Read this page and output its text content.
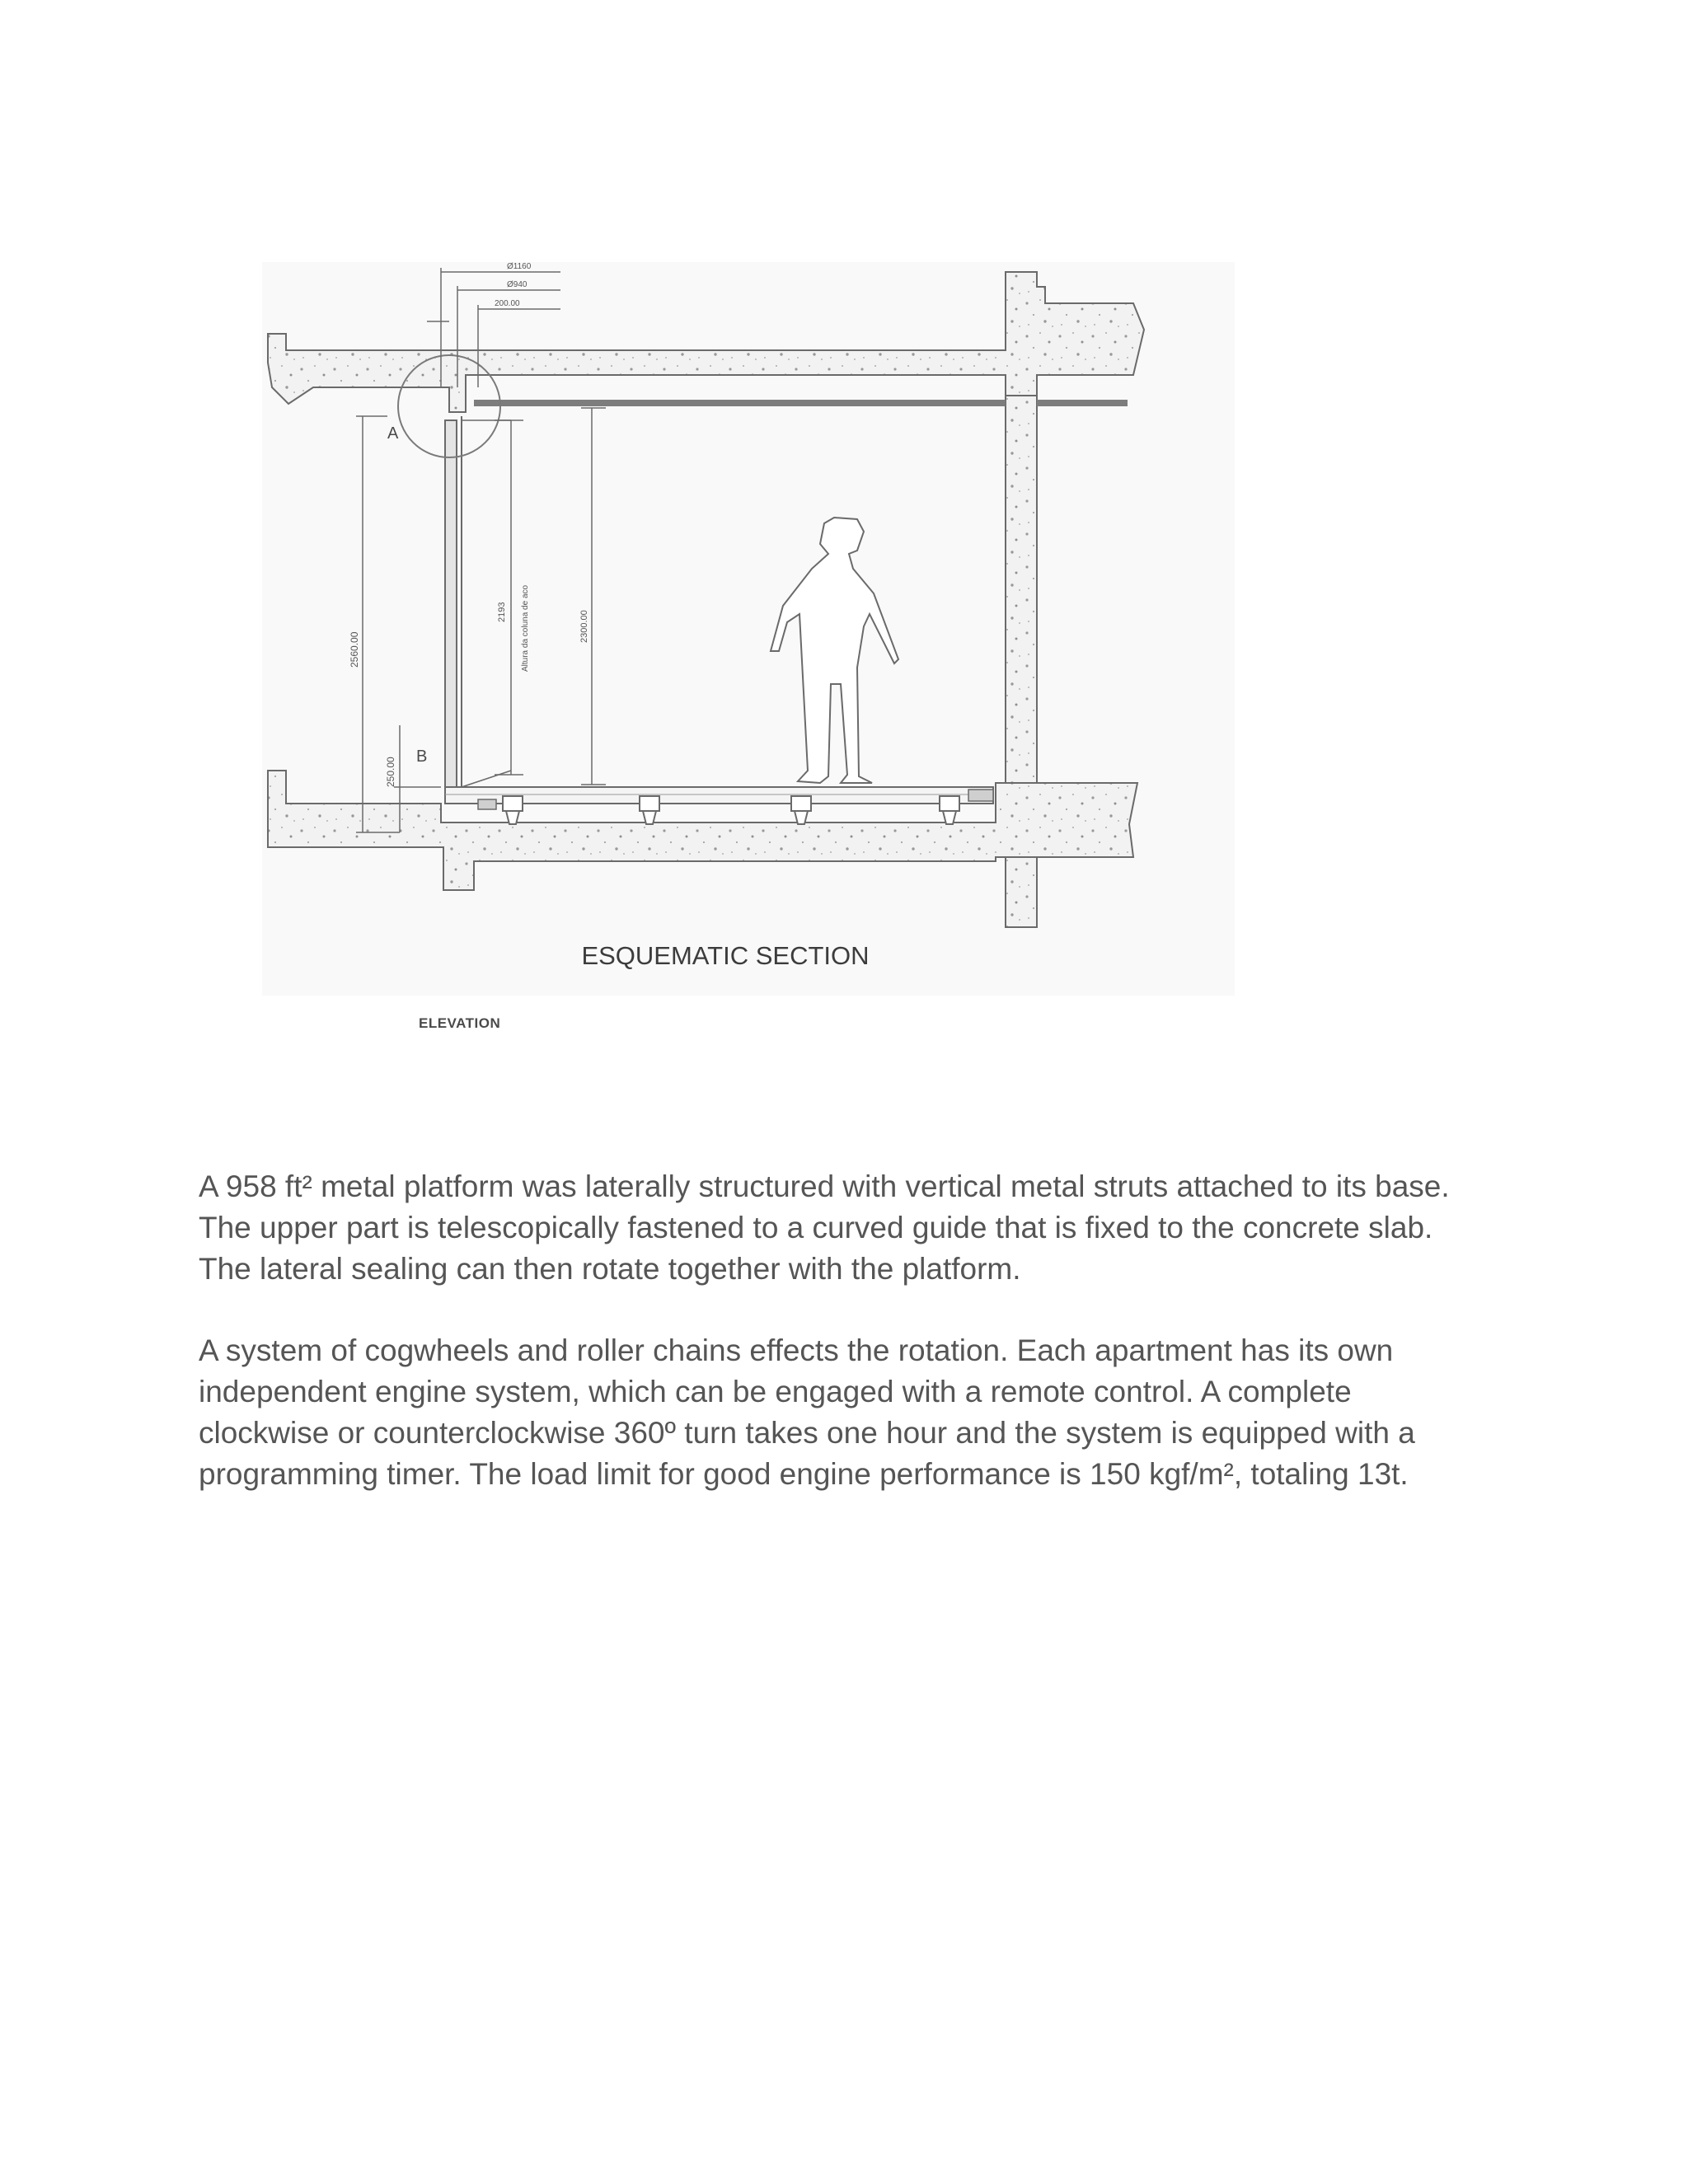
A
B
Ø1160
Ø940
200.00
2560.00
250.00
2193 Altura da coluna de aco	2300.00
ESQUEMATIC SECTION
ELEVATION

A 958 ft² metal platform was laterally structured with vertical metal struts attached to its base. The upper part is telescopically fastened to a curved guide that is fixed to the concrete slab. The lateral sealing can then rotate together with the platform.

A system of cogwheels and roller chains effects the rotation. Each apartment has its own independent engine system, which can be engaged with a remote control. A complete clockwise or counterclockwise 360º turn takes one hour and the system is equipped with a programming timer. The load limit for good engine performance is 150 kgf/m², totaling 13t.
